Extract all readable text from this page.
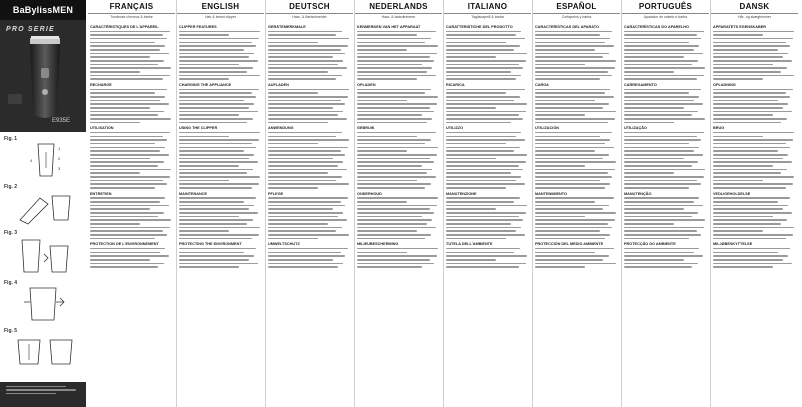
BaBylissMEN
PRO SERIE
E935E
Fig. 1
1
2
3
4
Fig. 2
Fig. 3
Fig. 4
Fig. 5
FRANÇAIS
Tondeuse cheveux & barbe
CARACTÉRISTIQUES DE L'APPAREIL
RECHARGE
UTILISATION
ENTRETIEN
PROTECTION DE L'ENVIRONNEMENT
ENGLISH
Hair & beard clipper
CLIPPER FEATURES
CHARGING THE APPLIANCE
USING THE CLIPPER
MAINTENANCE
PROTECTING THE ENVIRONMENT
DEUTSCH
Haar- & Bartschneider
GERÄTEMERKMALE
AUFLADEN
ANWENDUNG
PFLEGE
UMWELTSCHUTZ
NEDERLANDS
Haar- & baardtrimmer
KENMERKEN VAN HET APPARAAT
OPLADEN
GEBRUIK
ONDERHOUD
MILIEUBESCHERMING
ITALIANO
Tagliacapelli & barba
CARATTERISTICHE DEL PRODOTTO
RICARICA
UTILIZZO
MANUTENZIONE
TUTELA DELL'AMBIENTE
ESPAÑOL
Cortapelos y barba
CARACTERÍSTICAS DEL APARATO
CARGA
UTILIZACIÓN
MANTENIMIENTO
PROTECCIÓN DEL MEDIO AMBIENTE
PORTUGUÊS
Aparador de cabelo e barba
CARACTERÍSTICAS DO APARELHO
CARREGAMENTO
UTILIZAÇÃO
MANUTENÇÃO
PROTECÇÃO DO AMBIENTE
DANSK
Hår- og skægtrimmer
APPARATETS EGENSKABER
OPLADNING
BRUG
VEDLIGEHOLDELSE
MILJØBESKYTTELSE
